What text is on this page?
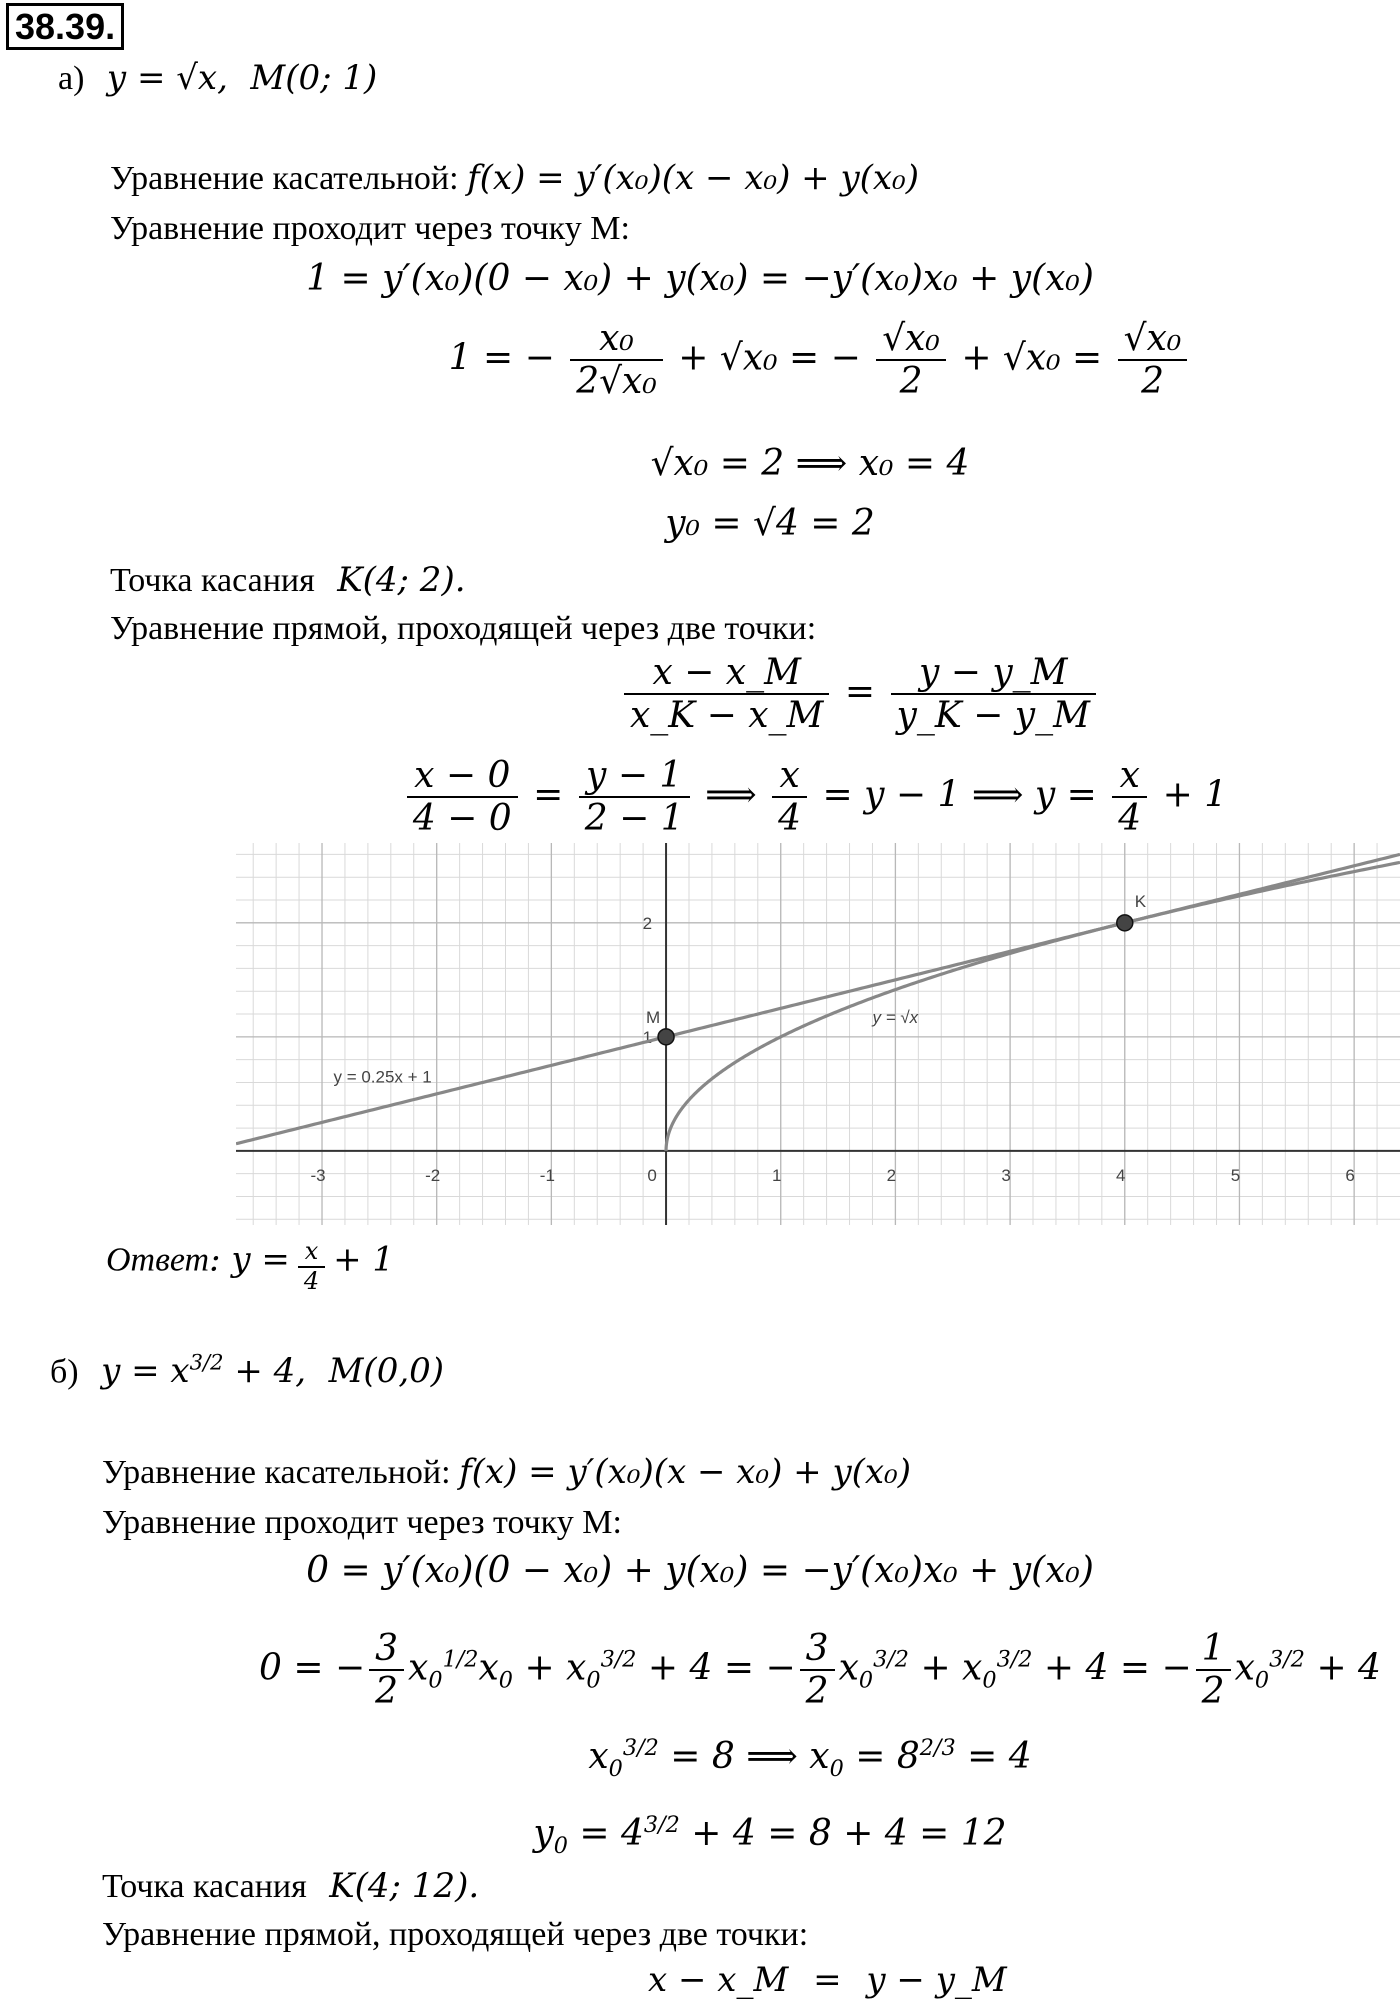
38.39.
а) y = √x, M(0; 1)
Уравнение касательной: f(x) = y′(x₀)(x − x₀) + y(x₀)
Уравнение проходит через точку М:
1 = y′(x₀)(0 − x₀) + y(x₀) = −y′(x₀)x₀ + y(x₀)
1 = − $\frac{\text{x₀}}{\text{2√x₀}} + √x_0$ = − $\frac{\text{√x₀}}{2} + √x_0 = \frac{\text{√x₀}}{2}$
√x₀ = 2 ⟹ x₀ = 4
y₀ = √4 = 2
Точка касания K(4; 2).
Уравнение прямой, проходящей через две точки:
$\frac{x - x\_M}{x\_K - x\_M} = \frac{y - y\_M}{y\_K - y\_M}$
$\frac{x - 0}{4 - 0} = \frac{y - 1}{2 - 1}$ ⟹ $\frac{x}{4} = y - 1$ ⟹ $y = \frac{x}{4} + 1$
-3	-2	-1	0	1	2	3	4	5	6
1
2
y = 0.25x + 1
y = √x
M
K
Ответ: $y = \frac{x}{4} + 1$
б) $y = x^{3/2} + 4$, M(0,0)
Уравнение касательной: f(x) = y′(x₀)(x − x₀) + y(x₀)
Уравнение проходит через точку М:
0 = y′(x₀)(0 − x₀) + y(x₀) = −y′(x₀)x₀ + y(x₀)
0 = − $\frac{3}{2} x_0^{1/2}x_0 + x_0^{3/2} + 4$ = − $\frac{3}{2} x_0^{3/2} + x_0^{3/2} + 4$ = − $\frac{1}{2} x_0^{3/2} + 4$
$x_0^{3/2} = 8$ ⟹ $x_0 = 8^{2/3} = 4$
$y_0 = 4^{3/2} + 4 = 8 + 4 = 12$
Точка касания K(4; 12).
Уравнение прямой, проходящей через две точки:
x − x_M = y − y_M
